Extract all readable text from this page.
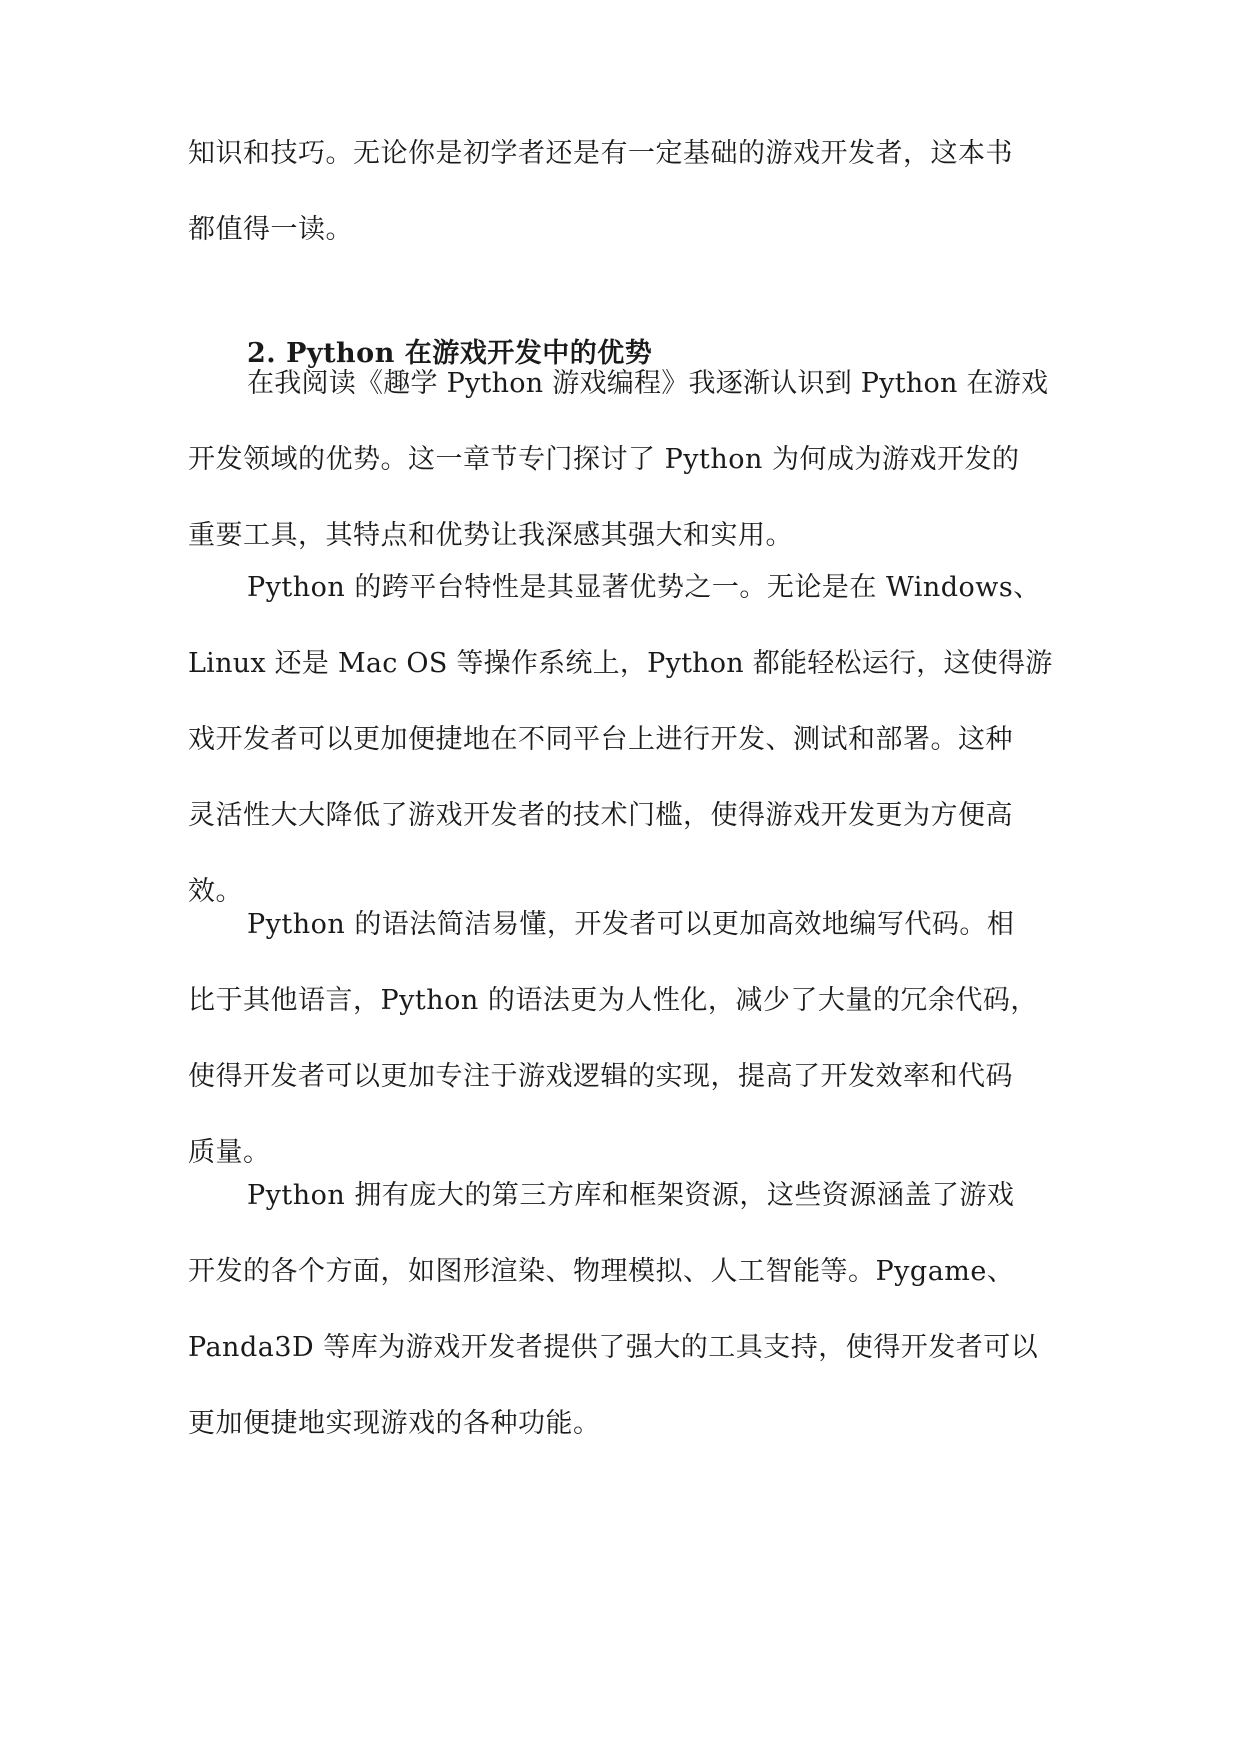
知识和技巧。无论你是初学者还是有一定基础的游戏开发者，这本书
都值得一读。
2. Python 在游戏开发中的优势
在我阅读《趣学 Python 游戏编程》我逐渐认识到 Python 在游戏
开发领域的优势。这一章节专门探讨了 Python 为何成为游戏开发的
重要工具，其特点和优势让我深感其强大和实用。
Python 的跨平台特性是其显著优势之一。无论是在 Windows、
Linux 还是 Mac OS 等操作系统上，Python 都能轻松运行，这使得游
戏开发者可以更加便捷地在不同平台上进行开发、测试和部署。这种
灵活性大大降低了游戏开发者的技术门槛，使得游戏开发更为方便高
效。
Python 的语法简洁易懂，开发者可以更加高效地编写代码。相
比于其他语言，Python 的语法更为人性化，减少了大量的冗余代码，
使得开发者可以更加专注于游戏逻辑的实现，提高了开发效率和代码
质量。
Python 拥有庞大的第三方库和框架资源，这些资源涵盖了游戏
开发的各个方面，如图形渲染、物理模拟、人工智能等。Pygame、
Panda3D 等库为游戏开发者提供了强大的工具支持，使得开发者可以
更加便捷地实现游戏的各种功能。
